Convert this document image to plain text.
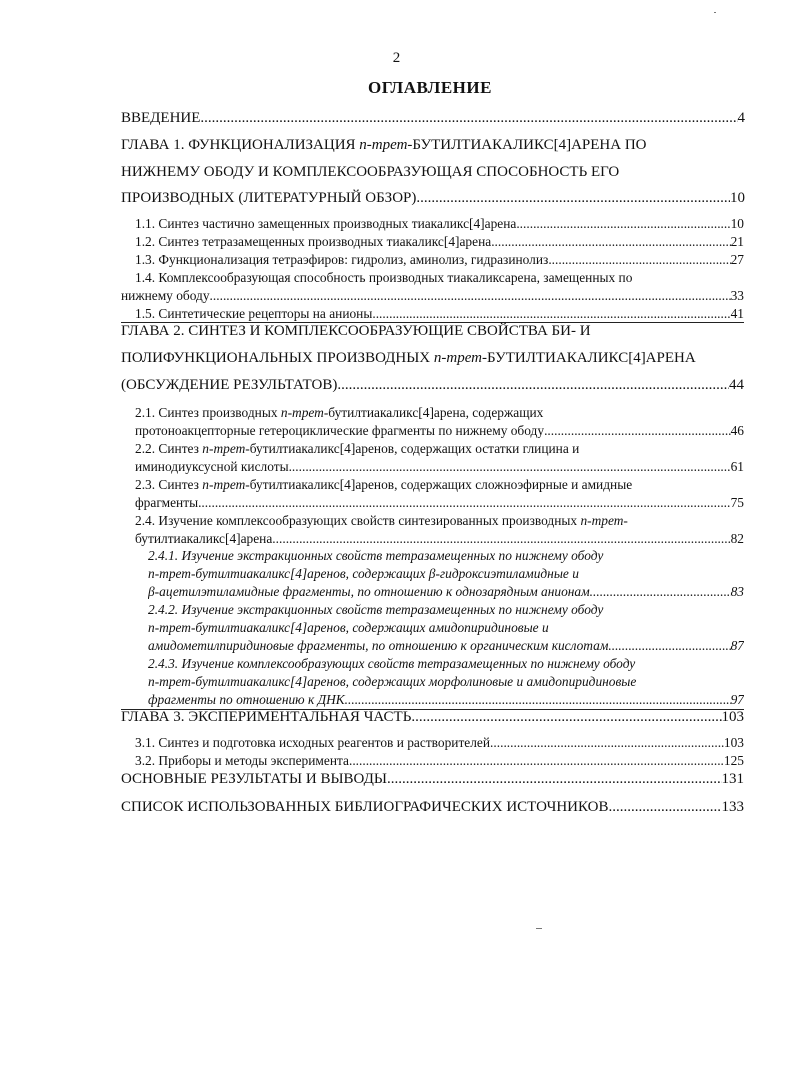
2
ОГЛАВЛЕНИЕ
ВВЕДЕНИЕ .....	4
ГЛАВА 1. ФУНКЦИОНАЛИЗАЦИЯ п-трет-БУТИЛТИАКАЛИКС[4]АРЕНА ПО
НИЖНЕМУ ОБОДУ И КОМПЛЕКСООБРАЗУЮЩАЯ СПОСОБНОСТЬ ЕГО
ПРОИЗВОДНЫХ (ЛИТЕРАТУРНЫЙ ОБЗОР) .....	10
1.1. Синтез частично замещенных производных тиакаликс[4]арена .....	10
1.2. Синтез тетразамещенных производных тиакаликс[4]арена .....	21
1.3. Функционализация тетраэфиров: гидролиз, аминолиз, гидразинолиз .....	27
1.4. Комплексообразующая способность производных тиакаликсарена, замещенных по
нижнему ободу .....	33
1.5. Синтетические рецепторы на анионы .....	41
ГЛАВА 2. СИНТЕЗ И КОМПЛЕКСООБРАЗУЮЩИЕ СВОЙСТВА БИ- И
ПОЛИФУНКЦИОНАЛЬНЫХ ПРОИЗВОДНЫХ п-трет-БУТИЛТИАКАЛИКС[4]АРЕНА
(ОБСУЖДЕНИЕ РЕЗУЛЬТАТОВ) .....	44
2.1. Синтез производных п-трет-бутилтиакаликс[4]арена, содержащих
протоноакцепторные гетероциклические фрагменты по нижнему ободу .....	46
2.2. Синтез п-трет-бутилтиакаликс[4]аренов, содержащих остатки глицина и
иминодиуксусной кислоты .....	61
2.3. Синтез п-трет-бутилтиакаликс[4]аренов, содержащих сложноэфирные и амидные
фрагменты .....	75
2.4. Изучение комплексообразующих свойств синтезированных производных п-трет-
бутилтиакаликс[4]арена .....	82
2.4.1. Изучение экстракционных свойств тетразамещенных по нижнему ободу
п-трет-бутилтиакаликс[4]аренов, содержащих β-гидроксиэтиламидные и
β-ацетилэтиламидные фрагменты, по отношению к однозарядным анионам .....	83
2.4.2. Изучение экстракционных свойств тетразамещенных по нижнему ободу
п-трет-бутилтиакаликс[4]аренов, содержащих амидопиридиновые и
амидометилпиридиновые фрагменты, по отношению к органическим кислотам .....	87
2.4.3. Изучение комплексообразующих свойств тетразамещенных по нижнему ободу
п-трет-бутилтиакаликс[4]аренов, содержащих морфолиновые и амидопиридиновые
фрагменты по отношению к ДНК .....	97
ГЛАВА 3. ЭКСПЕРИМЕНТАЛЬНАЯ ЧАСТЬ .....	103
3.1. Синтез и подготовка исходных реагентов и растворителей .....	103
3.2. Приборы и методы эксперимента .....	125
ОСНОВНЫЕ РЕЗУЛЬТАТЫ И ВЫВОДЫ .....	131
СПИСОК ИСПОЛЬЗОВАННЫХ БИБЛИОГРАФИЧЕСКИХ ИСТОЧНИКОВ .....	133
